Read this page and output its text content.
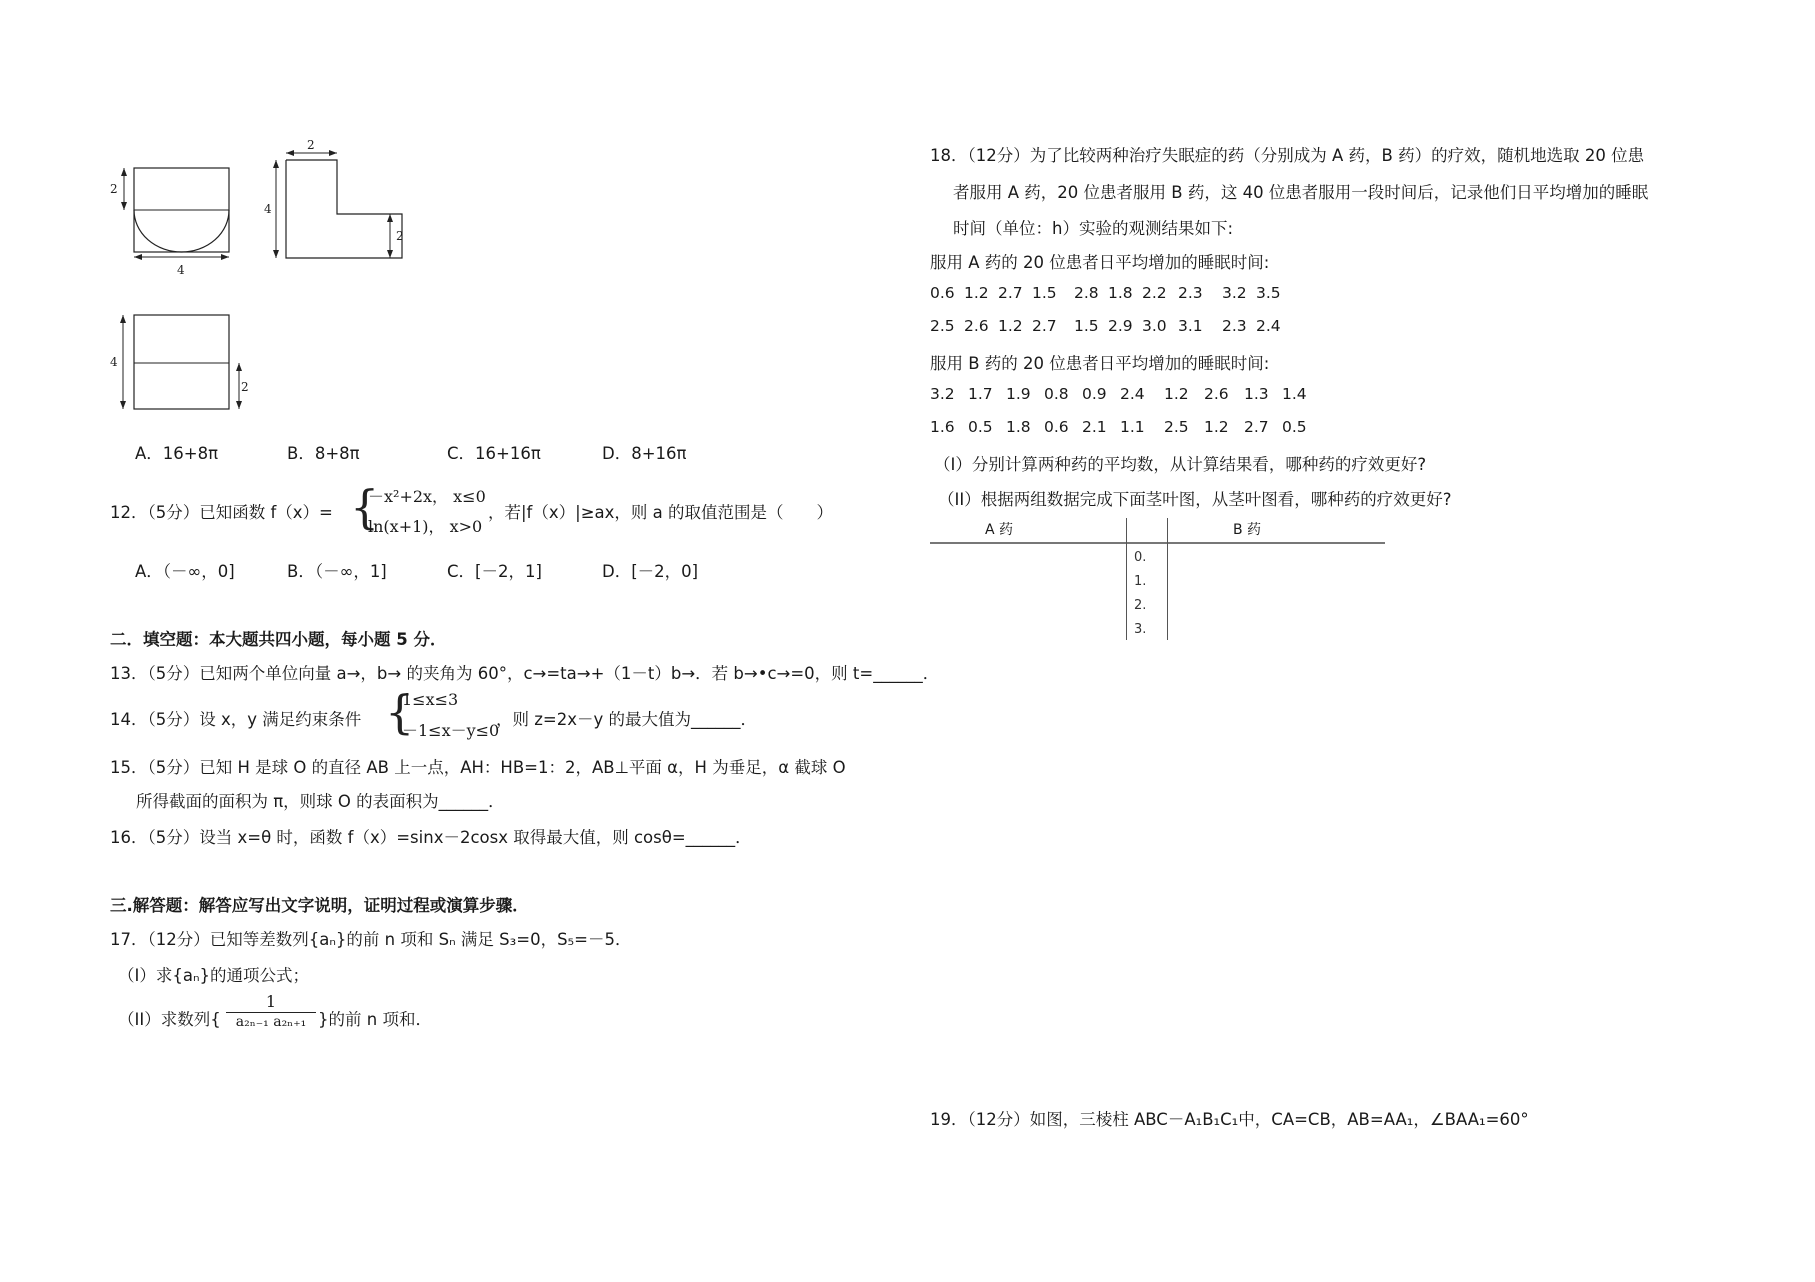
2
4
2
4
2
4
2
A．16+8π	B．8+8π	C．16+16π	D．8+16π
12．（5分）已知函数 f（x）= {
－x²+2x， x≤0
ln(x+1)， x>0
，若|f（x）|≥ax，则 a 的取值范围是（　　）
A．（－∞，0]	B．（－∞，1]	C．[－2，1]	D．[－2，0]
二．填空题：本大题共四小题，每小题 5 分．
13．（5分）已知两个单位向量 a→，b→ 的夹角为 60°，c→=ta→+（1－t）b→．若 b→•c→=0，则 t=______．
14．（5分）设 x，y 满足约束条件 {
1≤x≤3
－1≤x－y≤0
，则 z=2x－y 的最大值为______．
15．（5分）已知 H 是球 O 的直径 AB 上一点，AH：HB=1：2，AB⊥平面 α，H 为垂足，α 截球 O
所得截面的面积为 π，则球 O 的表面积为______．
16．（5分）设当 x=θ 时，函数 f（x）=sinx－2cosx 取得最大值，则 cosθ=______．
三.解答题：解答应写出文字说明，证明过程或演算步骤．
17．（12分）已知等差数列{aₙ}的前 n 项和 Sₙ 满足 S₃=0，S₅=－5．
（I）求{aₙ}的通项公式；
（II）求数列{
1
a₂ₙ₋₁ a₂ₙ₊₁ }的前 n 项和．
18．（12分）为了比较两种治疗失眠症的药（分别成为 A 药，B 药）的疗效，随机地选取 20 位患
者服用 A 药，20 位患者服用 B 药，这 40 位患者服用一段时间后，记录他们日平均增加的睡眠
时间（单位：h）实验的观测结果如下:
服用 A 药的 20 位患者日平均增加的睡眠时间:
0.6 1.2 2.7 1.5 2.8 1.8 2.2 2.3 3.2 3.5
2.5 2.6 1.2 2.7 1.5 2.9 3.0 3.1 2.3 2.4
服用 B 药的 20 位患者日平均增加的睡眠时间:
3.2 1.7 1.9 0.8 0.9 2.4 1.2 2.6 1.3 1.4
1.6 0.5 1.8 0.6 2.1 1.1 2.5 1.2 2.7 0.5
（I）分别计算两种药的平均数，从计算结果看，哪种药的疗效更好?
（II）根据两组数据完成下面茎叶图，从茎叶图看，哪种药的疗效更好?
A 药	B 药
0.
1.
2.
3.
19．（12分）如图，三棱柱 ABC－A₁B₁C₁中，CA=CB，AB=AA₁，∠BAA₁=60°
